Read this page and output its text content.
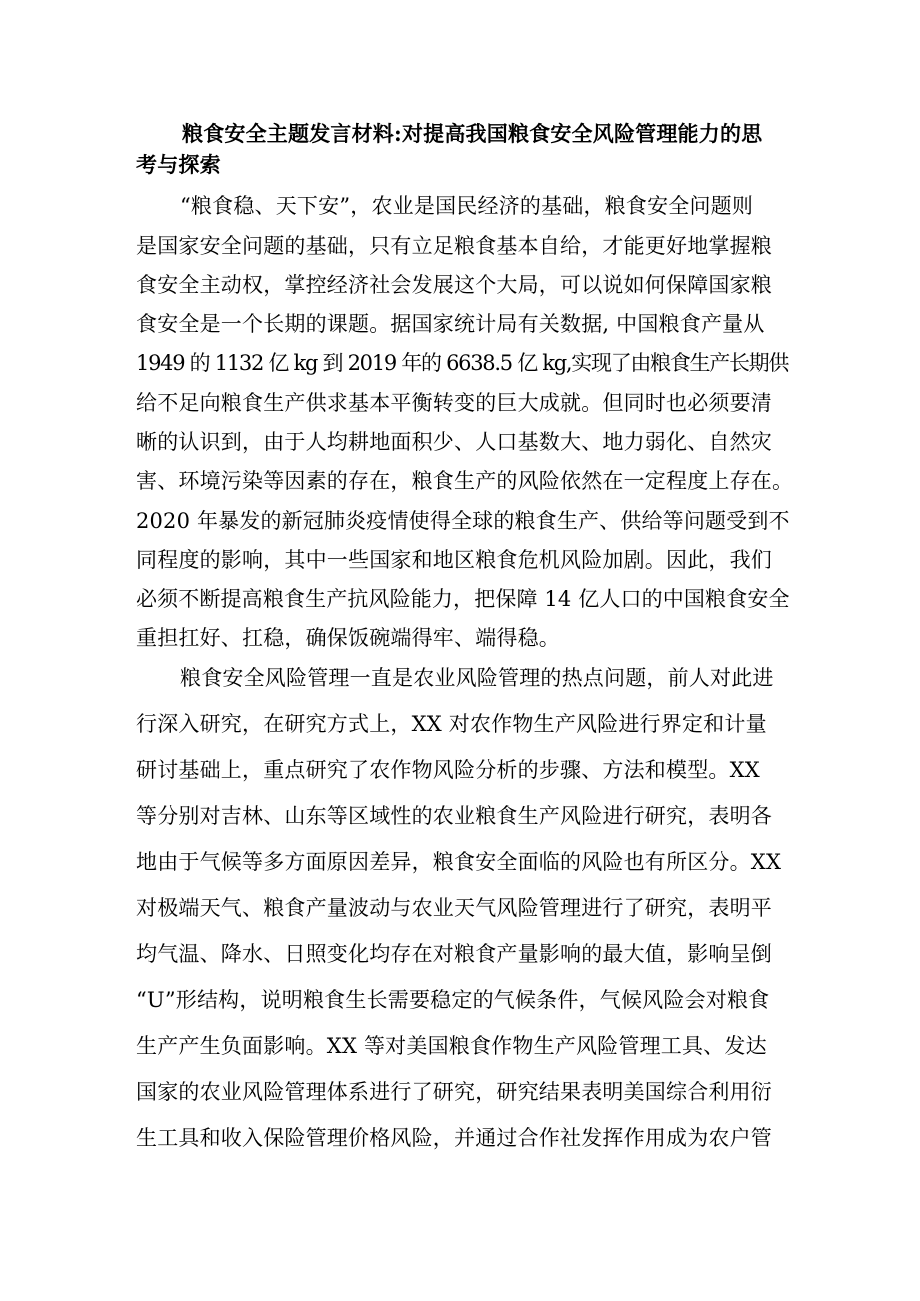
粮食安全主题发言材料:对提高我国粮食安全风险管理能力的思
考与探索
“粮食稳、天下安”，农业是国民经济的基础，粮食安全问题则
是国家安全问题的基础，只有立足粮食基本自给，才能更好地掌握粮
食安全主动权，掌控经济社会发展这个大局，可以说如何保障国家粮
食安全是一个长期的课题。据国家统计局有关数据, 中国粮食产量从
1949 的 1132 亿 kg 到 2019 年的 6638.5 亿 kg,实现了由粮食生产长期供
给不足向粮食生产供求基本平衡转变的巨大成就。但同时也必须要清
晰的认识到，由于人均耕地面积少、人口基数大、地力弱化、自然灾
害、环境污染等因素的存在，粮食生产的风险依然在一定程度上存在。
2020 年暴发的新冠肺炎疫情使得全球的粮食生产、供给等问题受到不
同程度的影响，其中一些国家和地区粮食危机风险加剧。因此，我们
必须不断提高粮食生产抗风险能力，把保障 14 亿人口的中国粮食安全
重担扛好、扛稳，确保饭碗端得牢、端得稳。
粮食安全风险管理一直是农业风险管理的热点问题，前人对此进
行深入研究，在研究方式上，XX 对农作物生产风险进行界定和计量
研讨基础上，重点研究了农作物风险分析的步骤、方法和模型。XX
等分别对吉林、山东等区域性的农业粮食生产风险进行研究，表明各
地由于气候等多方面原因差异，粮食安全面临的风险也有所区分。XX
对极端天气、粮食产量波动与农业天气风险管理进行了研究，表明平
均气温、降水、日照变化均存在对粮食产量影响的最大值，影响呈倒
“U”形结构，说明粮食生长需要稳定的气候条件，气候风险会对粮食
生产产生负面影响。XX 等对美国粮食作物生产风险管理工具、发达
国家的农业风险管理体系进行了研究，研究结果表明美国综合利用衍
生工具和收入保险管理价格风险，并通过合作社发挥作用成为农户管
